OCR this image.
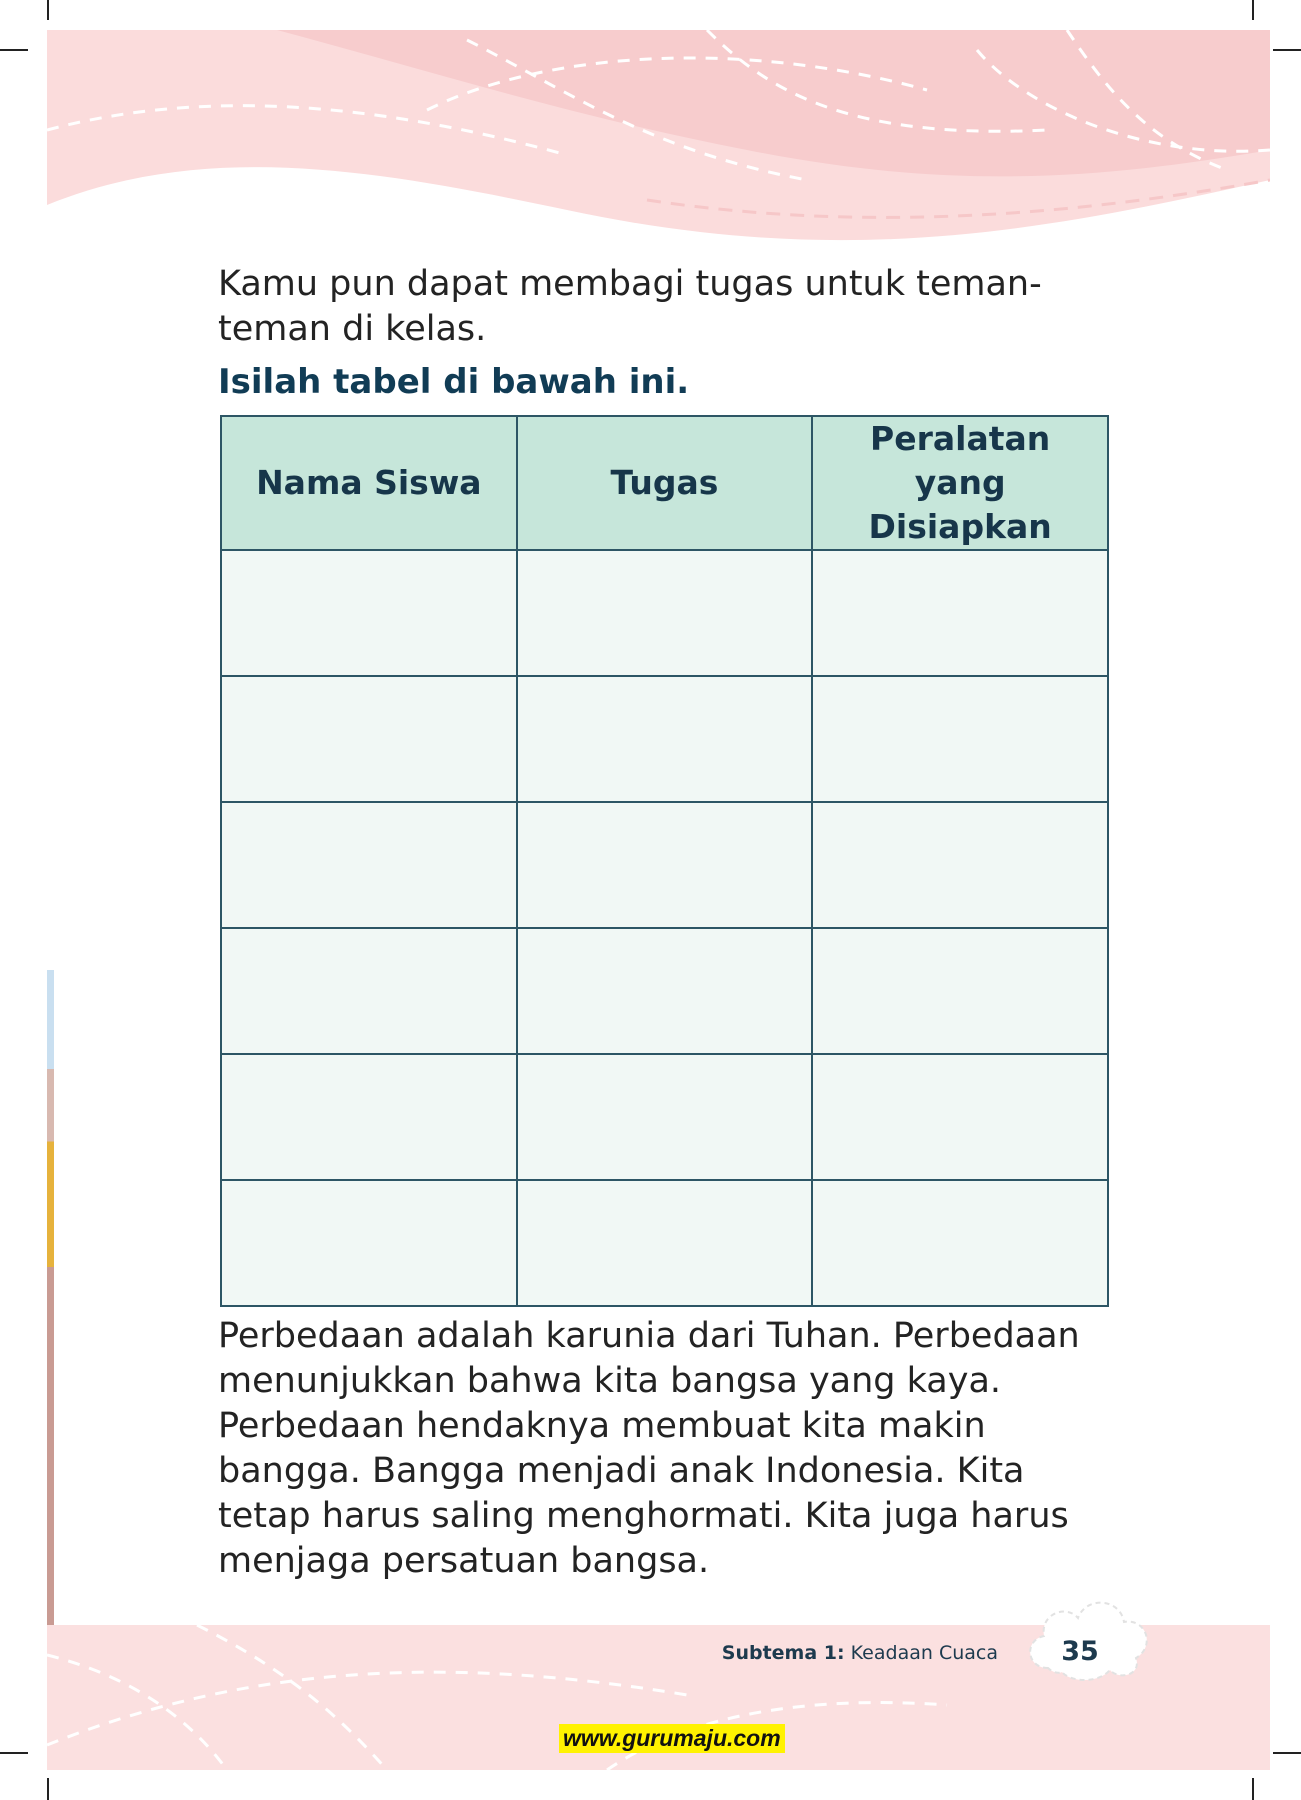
Kamu pun dapat membagi tugas untuk teman-teman di kelas.

Isilah tabel di bawah ini.

Nama Siswa	Tugas	Peralatan yang Disiapkan

Perbedaan adalah karunia dari Tuhan. Perbedaan menunjukkan bahwa kita bangsa yang kaya. Perbedaan hendaknya membuat kita makin bangga. Bangga menjadi anak Indonesia. Kita tetap harus saling menghormati. Kita juga harus menjaga persatuan bangsa.

Subtema 1: Keadaan Cuaca 35
www.gurumaju.com
